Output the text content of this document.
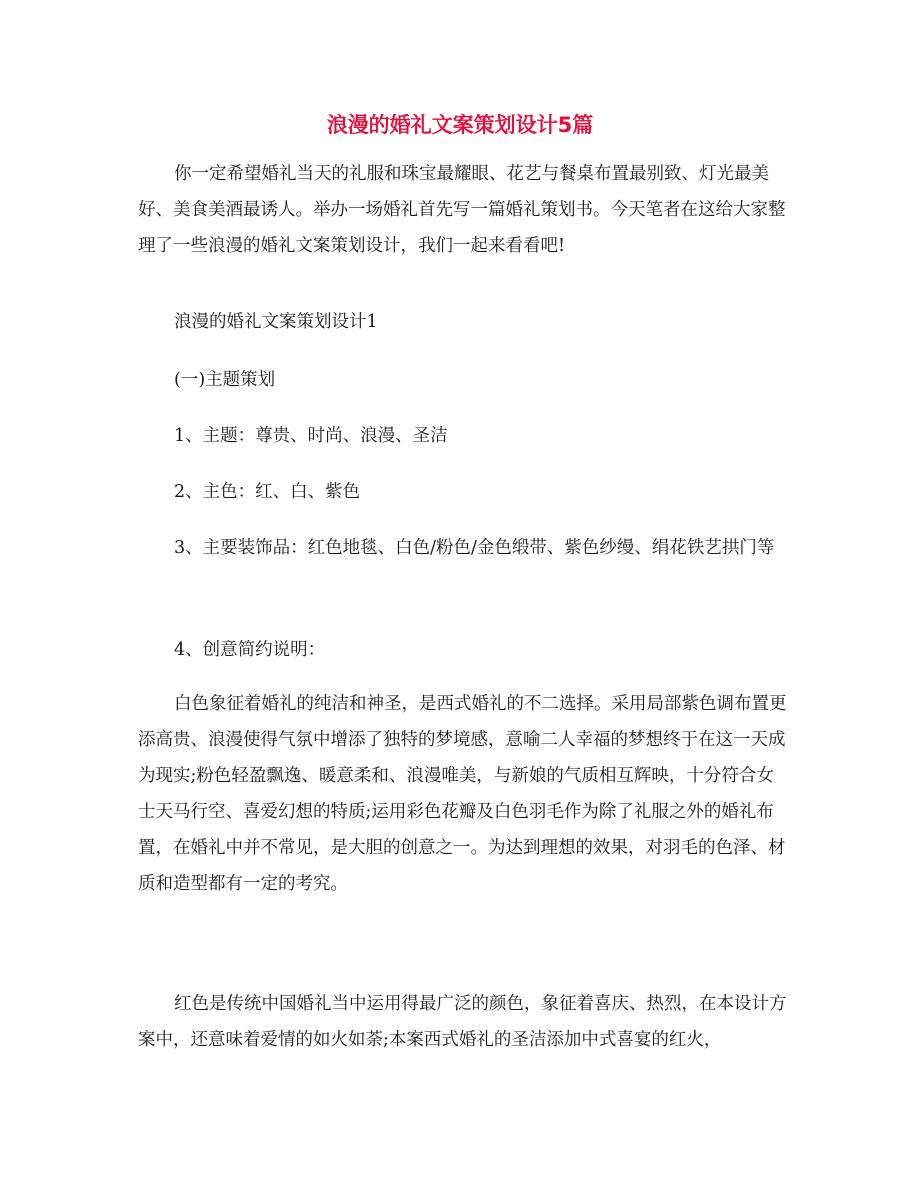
浪漫的婚礼文案策划设计5篇

你一定希望婚礼当天的礼服和珠宝最耀眼、花艺与餐桌布置最别致、灯光最美好、美食美酒最诱人。举办一场婚礼首先写一篇婚礼策划书。今天笔者在这给大家整理了一些浪漫的婚礼文案策划设计，我们一起来看看吧!

浪漫的婚礼文案策划设计1

(一)主题策划

1、主题：尊贵、时尚、浪漫、圣洁

2、主色：红、白、紫色

3、主要装饰品：红色地毯、白色/粉色/金色缎带、紫色纱缦、绢花铁艺拱门等

4、创意简约说明：

白色象征着婚礼的纯洁和神圣，是西式婚礼的不二选择。采用局部紫色调布置更添高贵、浪漫使得气氛中增添了独特的梦境感，意喻二人幸福的梦想终于在这一天成为现实;粉色轻盈飘逸、暖意柔和、浪漫唯美，与新娘的气质相互辉映，十分符合女士天马行空、喜爱幻想的特质;运用彩色花瓣及白色羽毛作为除了礼服之外的婚礼布置，在婚礼中并不常见，是大胆的创意之一。为达到理想的效果，对羽毛的色泽、材质和造型都有一定的考究。

红色是传统中国婚礼当中运用得最广泛的颜色，象征着喜庆、热烈，在本设计方案中，还意味着爱情的如火如荼;本案西式婚礼的圣洁添加中式喜宴的红火，
